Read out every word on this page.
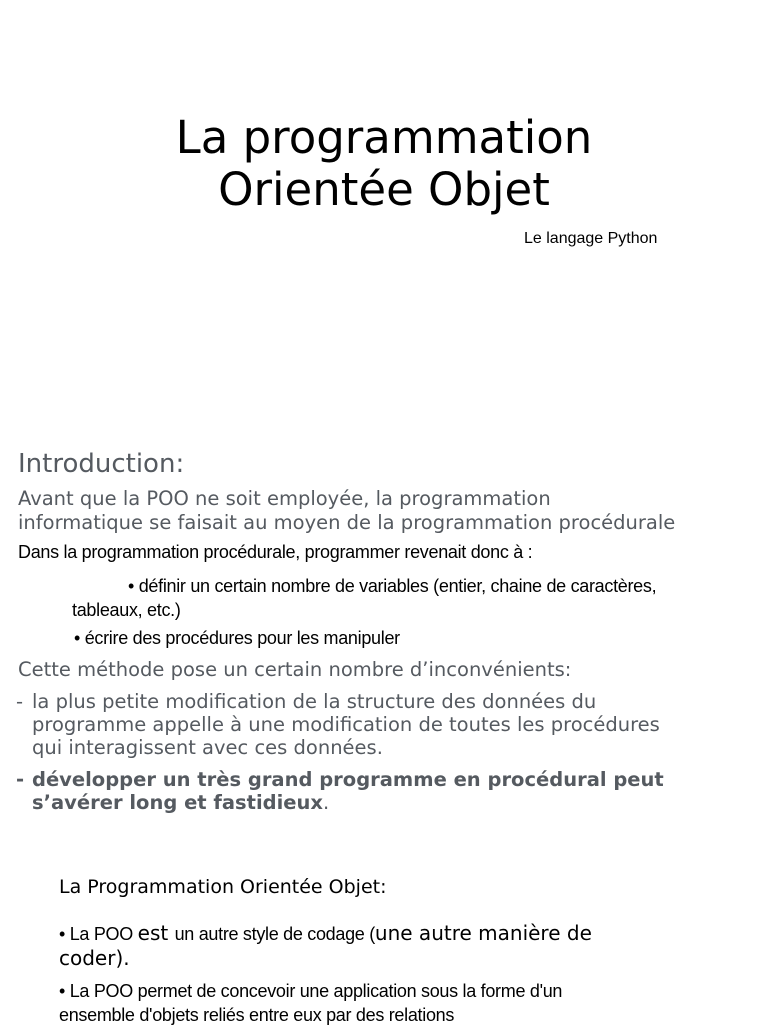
La programmation
Orientée Objet
Le langage Python
Introduction:
Avant que la POO ne soit employée, la programmation
informatique se faisait au moyen de la programmation procédurale
Dans la programmation procédurale, programmer revenait donc à :
• définir un certain nombre de variables (entier, chaine de caractères,
tableaux, etc.)
• écrire des procédures pour les manipuler
Cette méthode pose un certain nombre d’inconvénients:
- la plus petite modification de la structure des données du
programme appelle à une modification de toutes les procédures
qui interagissent avec ces données.
- développer un très grand programme en procédural peut
s’avérer long et fastidieux.
La Programmation Orientée Objet:
• La POO est un autre style de codage (une autre manière de
coder).
• La POO permet de concevoir une application sous la forme d'un
ensemble d'objets reliés entre eux par des relations
